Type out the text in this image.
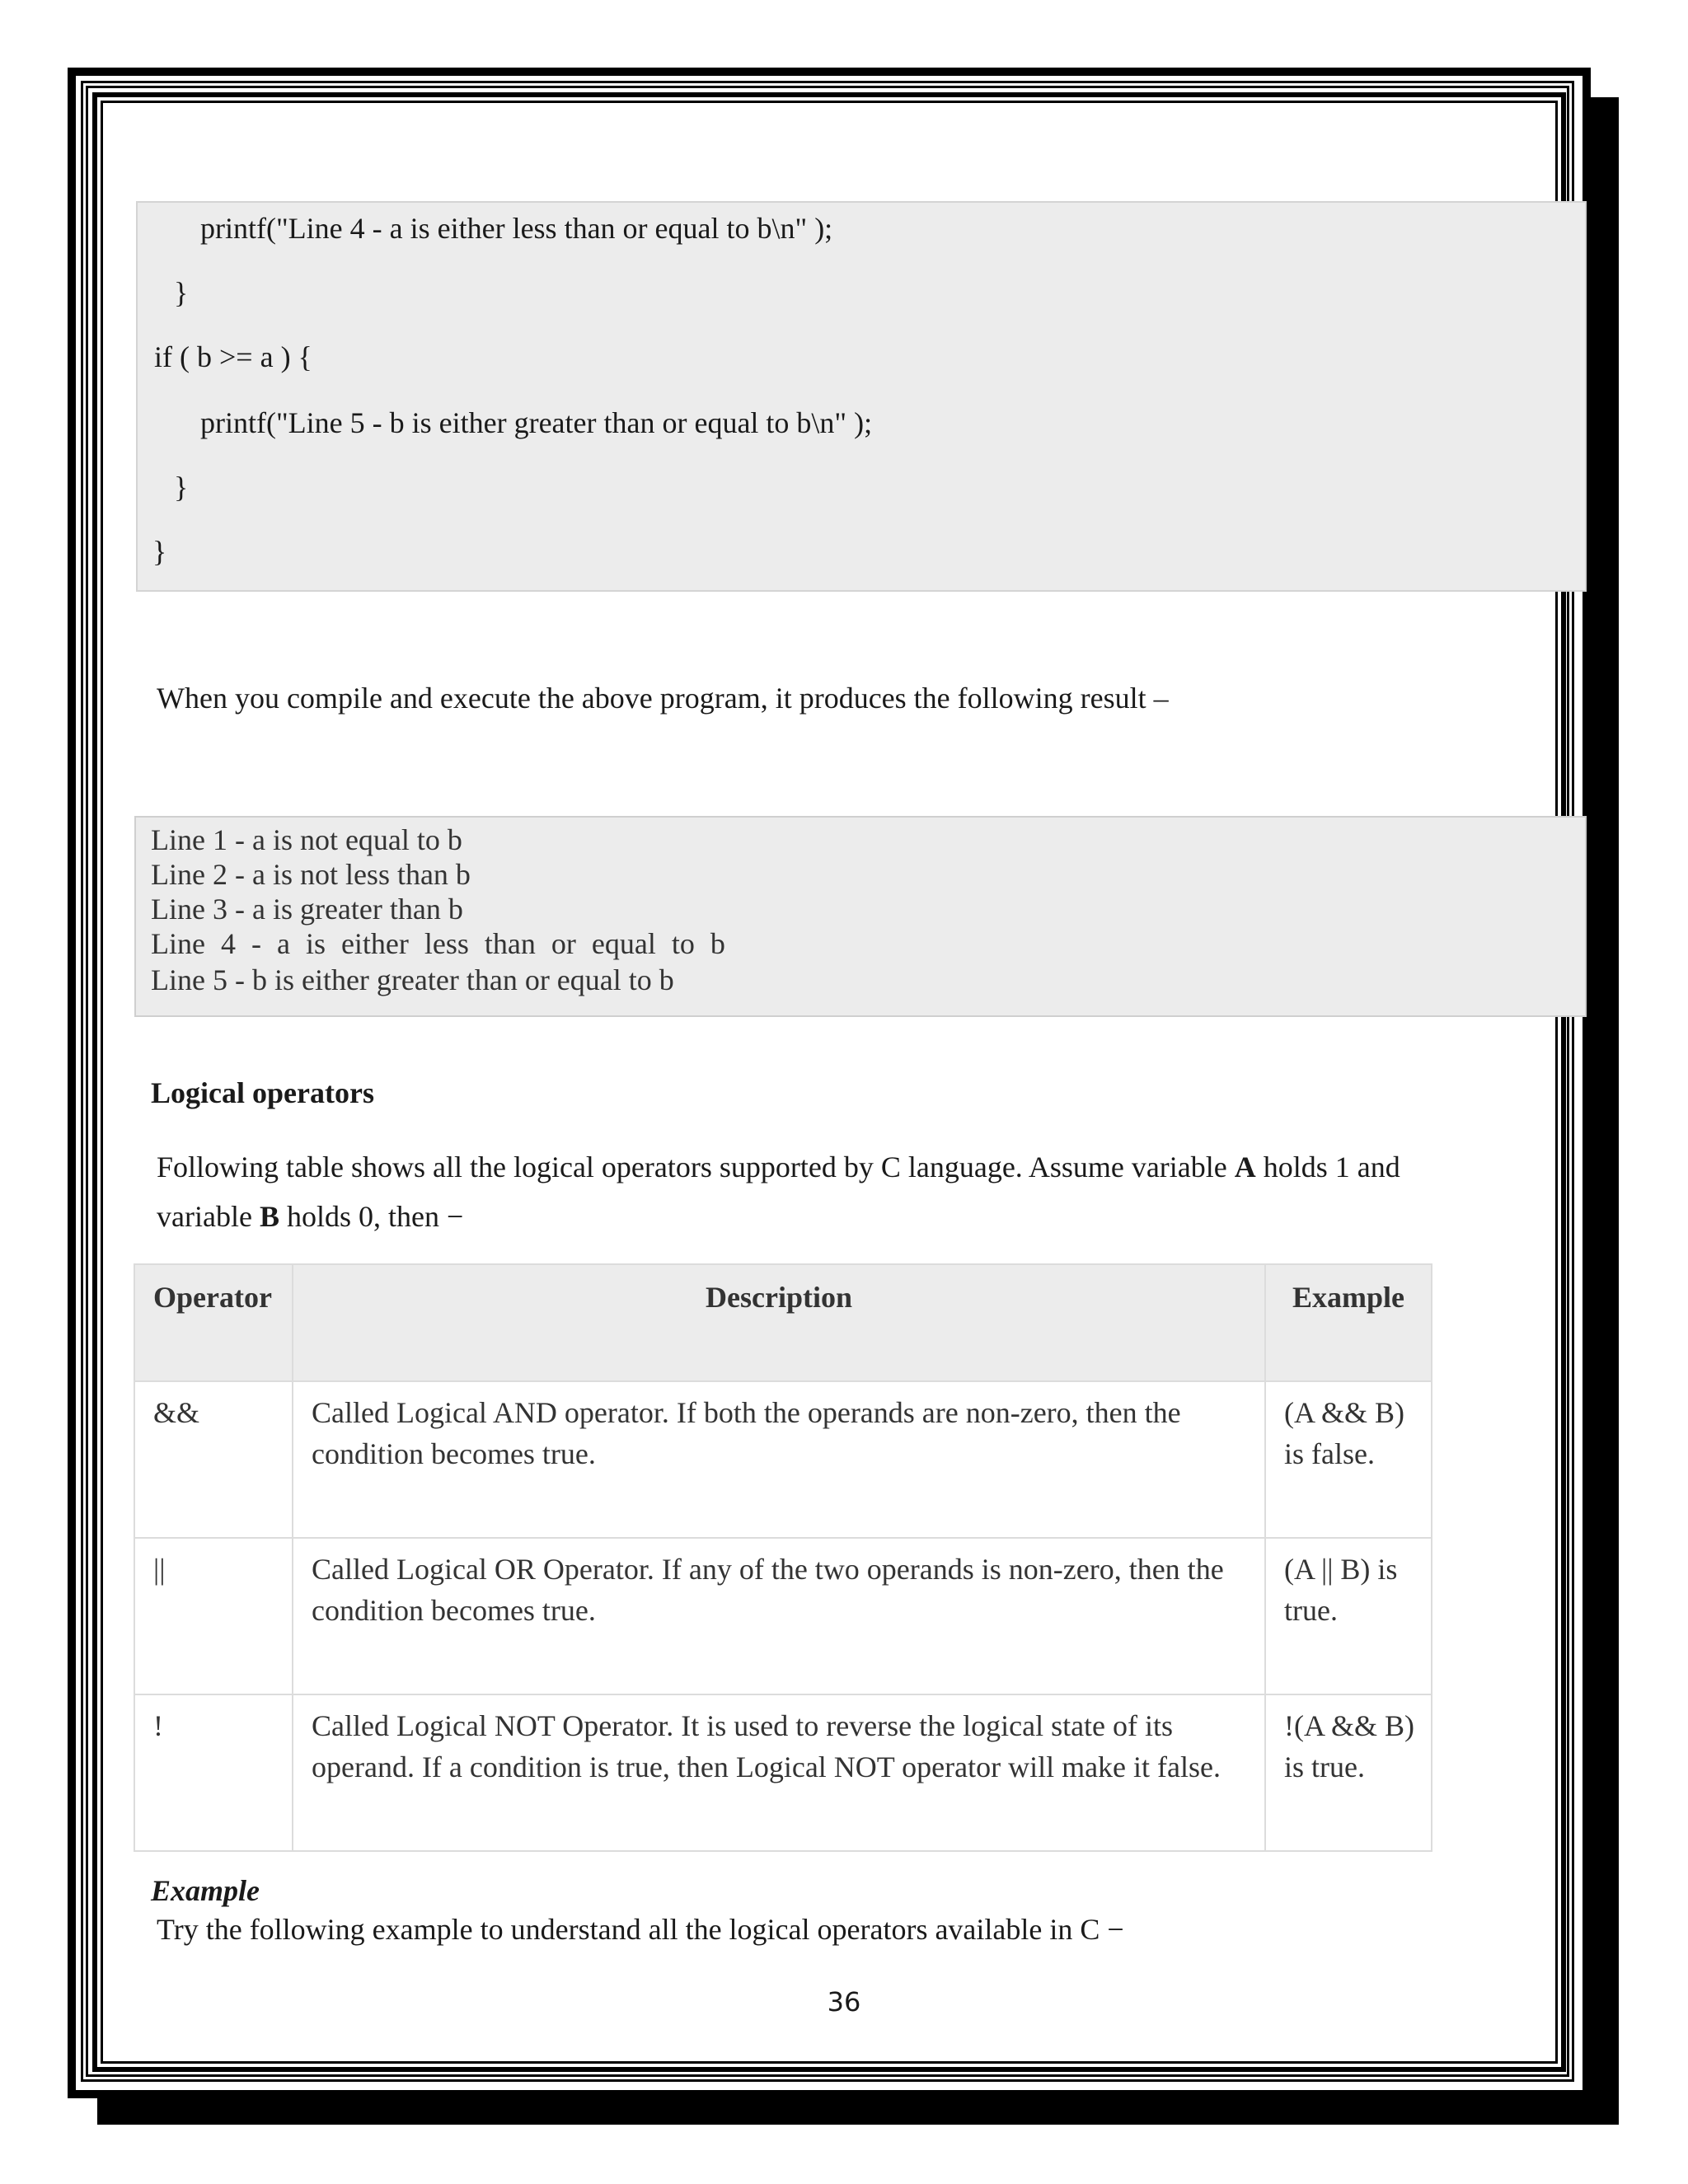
printf("Line 4 - a is either less than or equal to b\n" );
}
if ( b >= a ) {
printf("Line 5 - b is either greater than or equal to b\n" );
}
}
When you compile and execute the above program, it produces the following result –
Line 1 - a is not equal to b
Line 2 - a is not less than b
Line 3 - a is greater than b
Line 4 - a is either less than or equal to b
Line 5 - b is either greater than or equal to b
Logical operators
Following table shows all the logical operators supported by C language. Assume variable A holds 1 and
variable B holds 0, then −
Operator	Description	Example
&&	Called Logical AND operator. If both the operands are non-zero, then the condition becomes true.	(A && B) is false.
||	Called Logical OR Operator. If any of the two operands is non-zero, then the condition becomes true.	(A || B) is true.
!	Called Logical NOT Operator. It is used to reverse the logical state of its operand. If a condition is true, then Logical NOT operator will make it false.	!(A && B) is true.
Example
Try the following example to understand all the logical operators available in C −
36
